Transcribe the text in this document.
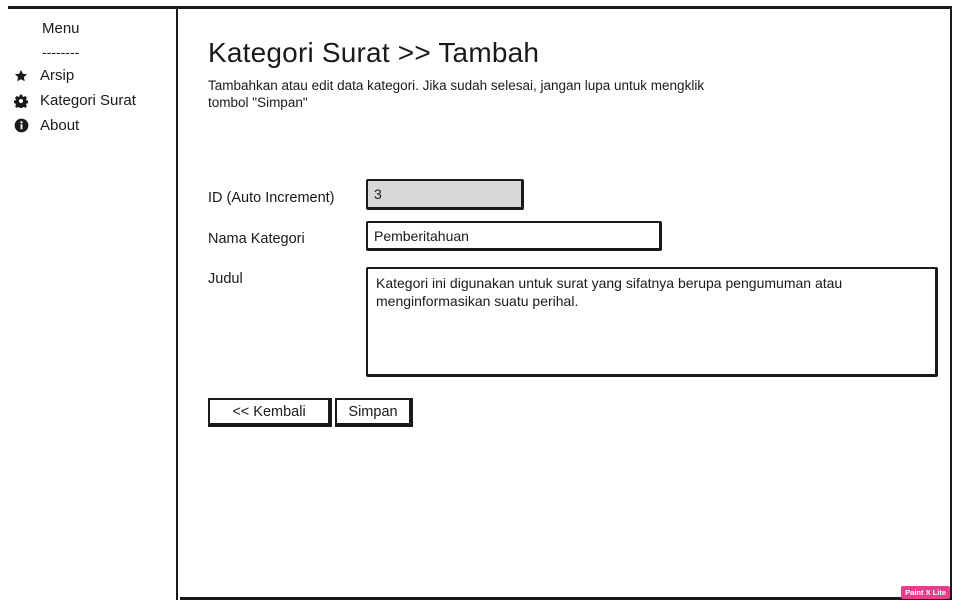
Menu
--------
Arsip
Kategori Surat
About
Kategori Surat >> Tambah

Tambahkan atau edit data kategori. Jika sudah selesai, jangan lupa untuk mengklik tombol "Simpan"

ID (Auto Increment)
3
Nama Kategori
Pemberitahuan
Judul
Kategori ini digunakan untuk surat yang sifatnya berupa pengumuman atau menginformasikan suatu perihal.
<< Kembali	Simpan
Paint X Lite
